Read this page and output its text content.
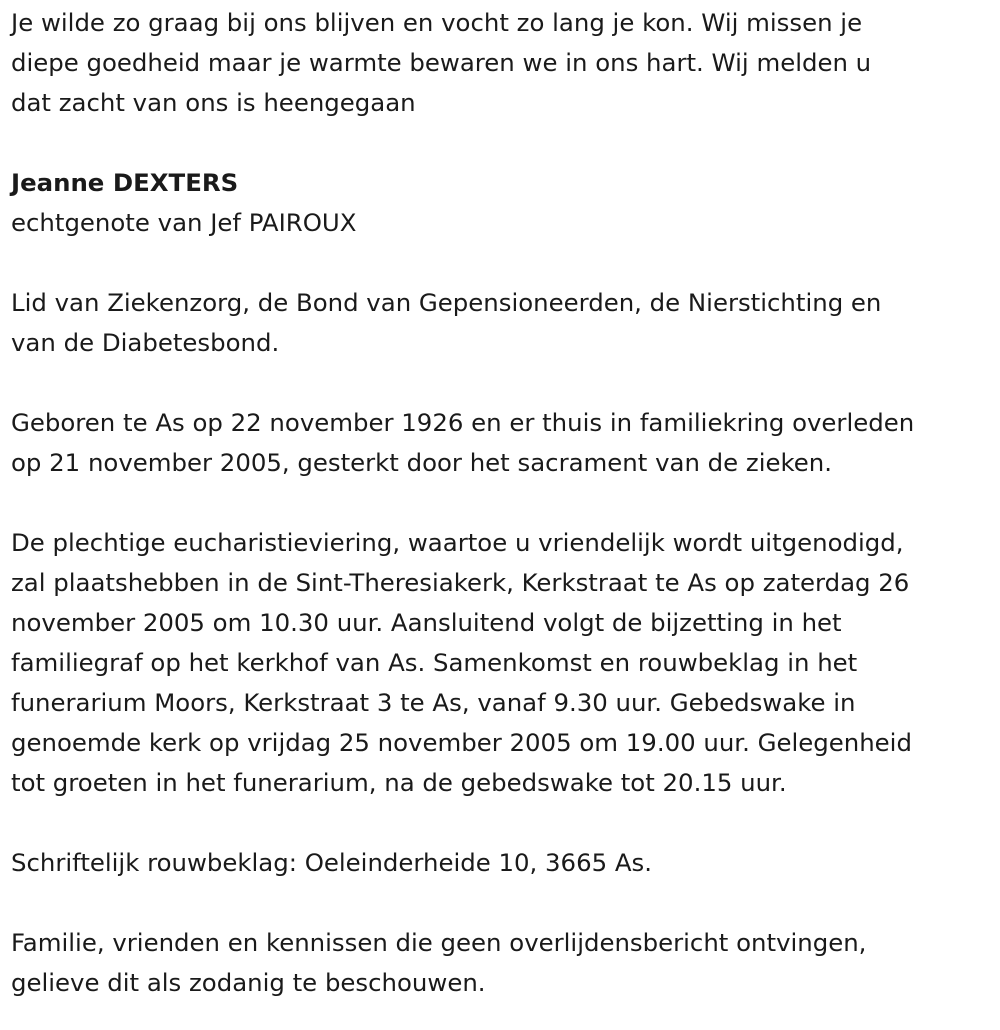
Je wilde zo graag bij ons blijven en vocht zo lang je kon. Wij missen je
diepe goedheid maar je warmte bewaren we in ons hart. Wij melden u
dat zacht van ons is heengegaan

Jeanne DEXTERS

echtgenote van Jef PAIROUX

Lid van Ziekenzorg, de Bond van Gepensioneerden, de Nierstichting en
van de Diabetesbond.

Geboren te As op 22 november 1926 en er thuis in familiekring overleden
op 21 november 2005, gesterkt door het sacrament van de zieken.

De plechtige eucharistieviering, waartoe u vriendelijk wordt uitgenodigd,
zal plaatshebben in de Sint-Theresiakerk, Kerkstraat te As op zaterdag 26
november 2005 om 10.30 uur. Aansluitend volgt de bijzetting in het
familiegraf op het kerkhof van As. Samenkomst en rouwbeklag in het
funerarium Moors, Kerkstraat 3 te As, vanaf 9.30 uur. Gebedswake in
genoemde kerk op vrijdag 25 november 2005 om 19.00 uur. Gelegenheid
tot groeten in het funerarium, na de gebedswake tot 20.15 uur.

Schriftelijk rouwbeklag: Oeleinderheide 10, 3665 As.

Familie, vrienden en kennissen die geen overlijdensbericht ontvingen,
gelieve dit als zodanig te beschouwen.
